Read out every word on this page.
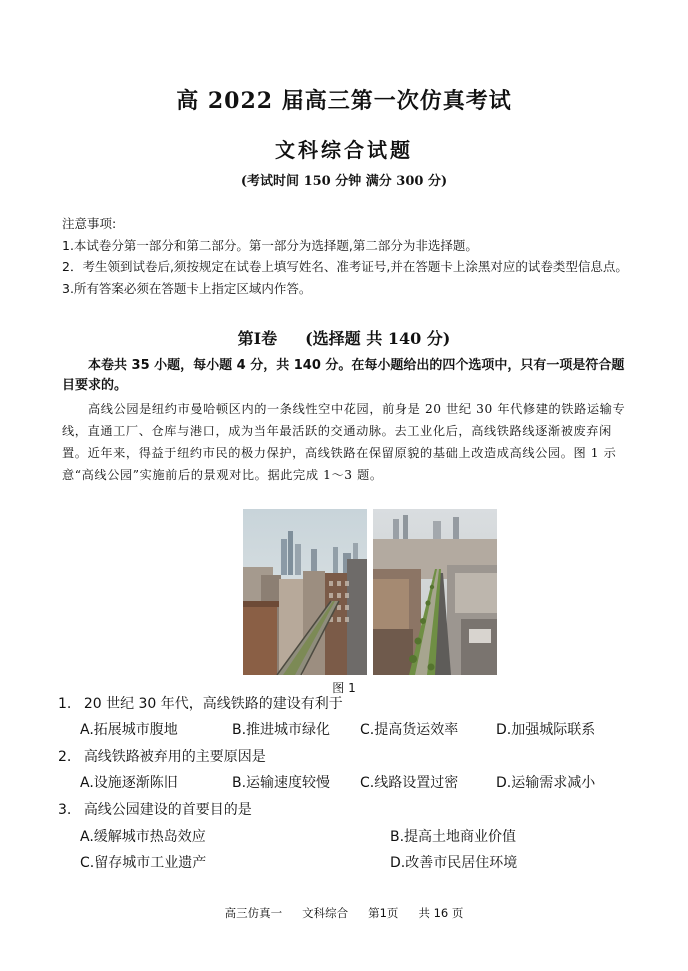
高 2022 届高三第一次仿真考试
文科综合试题
(考试时间 150 分钟 满分 300 分)
注意事项:
1.本试卷分第一部分和第二部分。第一部分为选择题,第二部分为非选择题。
2．考生领到试卷后,须按规定在试卷上填写姓名、准考证号,并在答题卡上涂黑对应的试卷类型信息点。
3.所有答案必须在答题卡上指定区域内作答。
第Ⅰ卷 (选择题 共 140 分)
本卷共 35 小题，每小题 4 分，共 140 分。在每小题给出的四个选项中，只有一项是符合题目要求的。
高线公园是纽约市曼哈顿区内的一条线性空中花园，前身是 20 世纪 30 年代修建的铁路运输专线，直通工厂、仓库与港口，成为当年最活跃的交通动脉。去工业化后，高线铁路线逐渐被废弃闲置。近年来，得益于纽约市民的极力保护，高线铁路在保留原貌的基础上改造成高线公园。图 1 示意“高线公园”实施前后的景观对比。据此完成 1～3 题。
图 1
1. 20 世纪 30 年代，高线铁路的建设有利于
A.拓展城市腹地	B.推进城市绿化 C.提高货运效率	D.加强城际联系
2. 高线铁路被弃用的主要原因是
A.设施逐渐陈旧	B.运输速度较慢 C.线路设置过密	D.运输需求减小
3. 高线公园建设的首要目的是
A.缓解城市热岛效应	B.提高土地商业价值
C.留存城市工业遗产	D.改善市民居住环境
高三仿真一 文科综合 第1页 共 16 页
